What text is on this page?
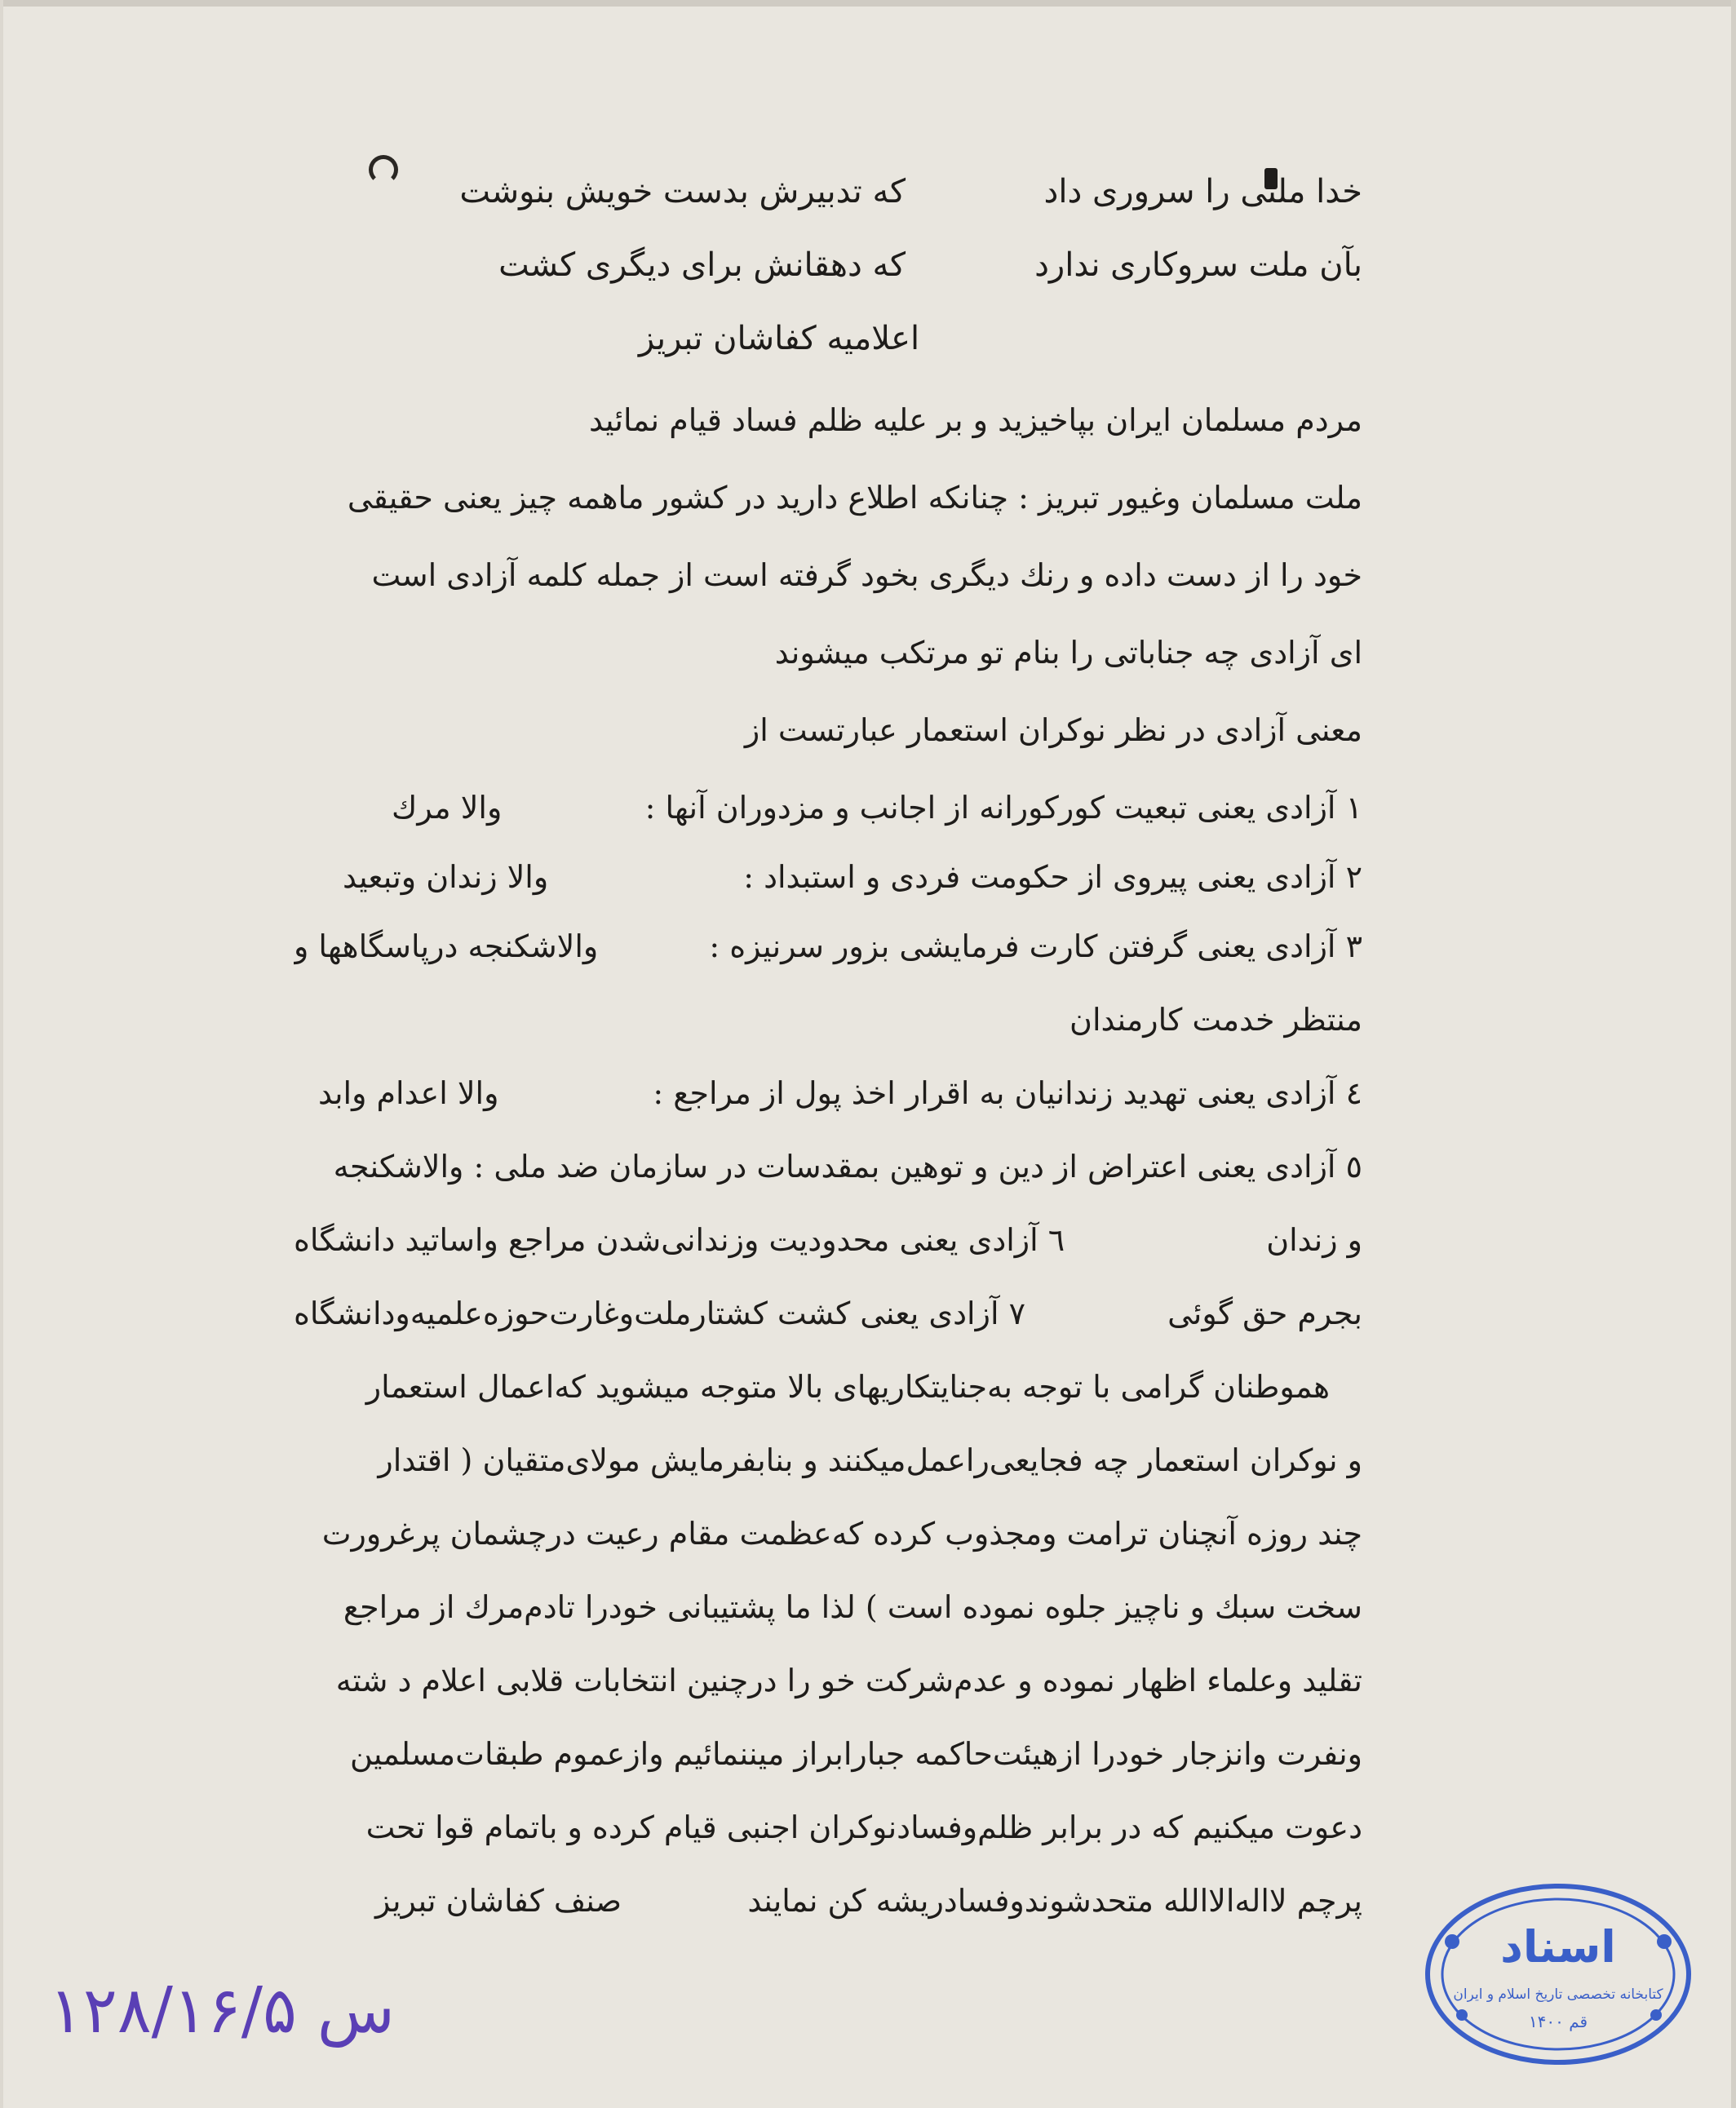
خدا ملتی را سروری داد
که تدبیرش بدست خویش بنوشت
بآن ملت سروکاری ندارد
که دهقانش برای دیگری کشت
اعلامیه کفاشان تبریز
مردم مسلمان ایران بپاخیزید و بر علیه ظلم فساد قیام نمائید
ملت مسلمان وغیور تبریز : چنانکه اطلاع دارید در کشور ماهمه چیز یعنی حقیقی
خود را از دست داده و رنك دیگری بخود گرفته است از جمله کلمه آزادی است
ای آزادی چه جناباتی را بنام تو مرتکب میشوند
معنی آزادی در نظر نوکران استعمار عبارتست از
۱ آزادی یعنی تبعیت کورکورانه از اجانب و مزدوران آنها :
والا مرك
۲ آزادی یعنی پیروی از حکومت فردی و استبداد :
والا زندان وتبعید
۳ آزادی یعنی گرفتن کارت فرمایشی بزور سرنیزه :
والاشکنجه درپاسگاهها و
منتظر خدمت کارمندان
٤ آزادی یعنی تهدید زندانیان به اقرار اخذ پول از مراجع :
والا اعدام وابد
٥ آزادی یعنی اعتراض از دین و توهین بمقدسات در سازمان ضد ملی : والاشکنجه
و زندان
٦ آزادی یعنی محدودیت وزندانی‌شدن مراجع واساتید دانشگاه
بجرم حق گوئی
۷ آزادی یعنی کشت کشتارملت‌وغارت‌حوزه‌علمیه‌ودانشگاه
هموطنان گرامی با توجه به‌جنایتکاریهای بالا متوجه میشوید که‌اعمال استعمار
و نوکران استعمار چه فجایعی‌راعمل‌میکنند و بنابفرمایش مولای‌متقیان ( اقتدار
چند روزه آنچنان ترامت ومجذوب کرده که‌عظمت مقام رعیت درچشمان پرغرورت
سخت سبك و ناچیز جلوه نموده است ) لذا ما پشتیبانی خودرا تادم‌مرك از مراجع
تقلید وعلماء اظهار نموده و عدم‌شرکت خو را درچنین انتخابات قلابی اعلام د شته
ونفرت وانزجار خودرا ازهیئت‌حاکمه جبارابراز میننمائیم وازعموم طبقات‌مسلمین
دعوت میکنیم که در برابر ظلم‌وفسادنوکران اجنبی قیام کرده و باتمام قوا تحت
پرچم لااله‌الاالله متحدشوندوفسادریشه کن نمایند
صنف کفاشان تبریز
س ۱۲۸/۱۶/۵
اسناد
کتابخانه تخصصی تاریخ اسلام و ایران
قم ۱۴۰۰
